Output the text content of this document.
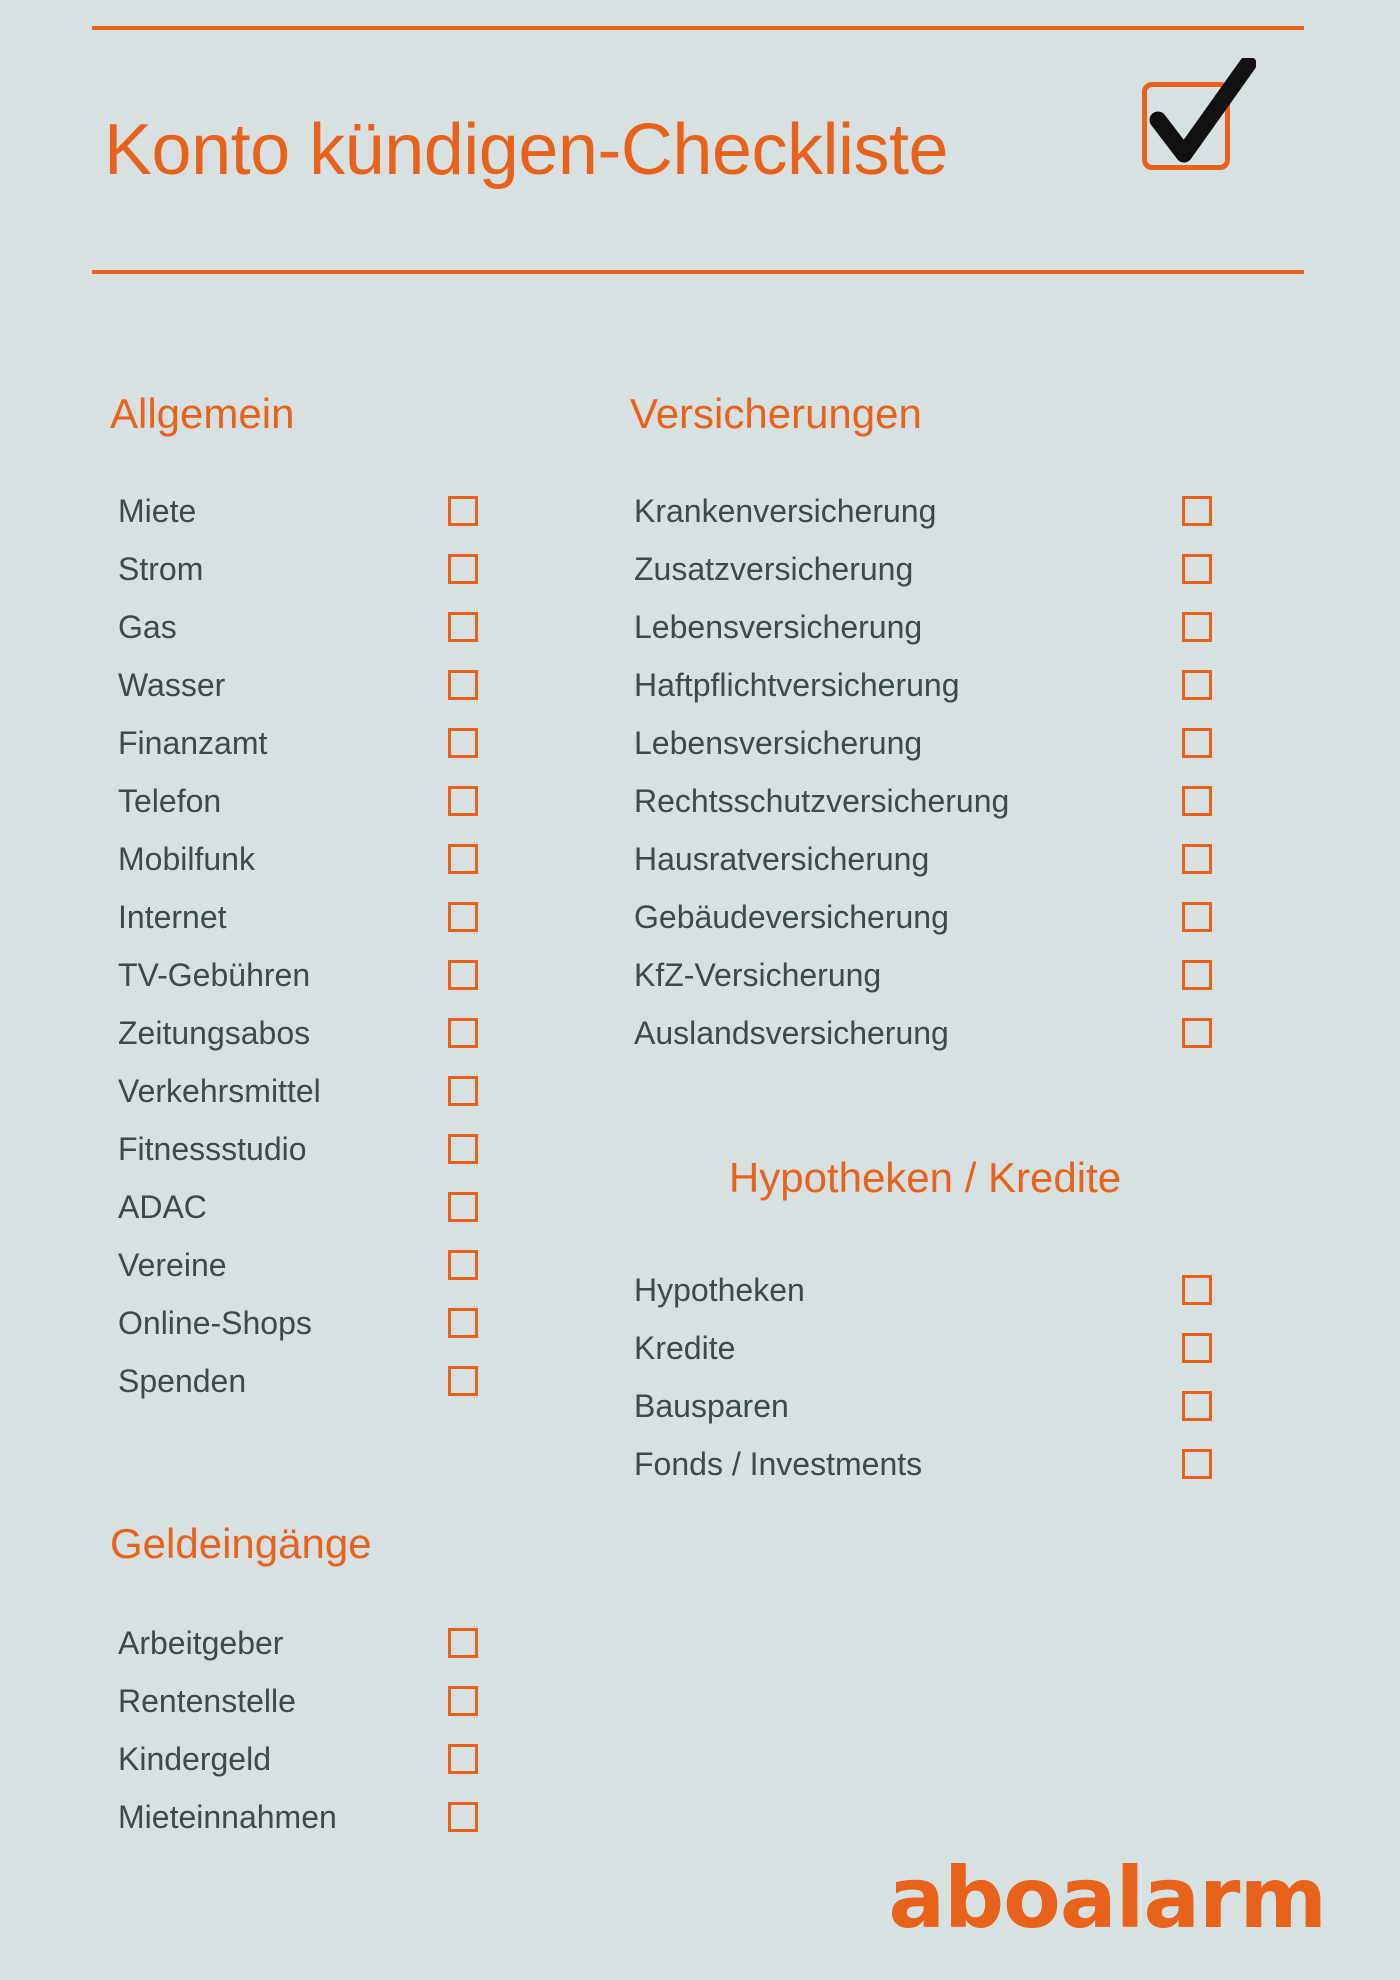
Konto kündigen-Checkliste
Allgemein
Miete
Strom
Gas
Wasser
Finanzamt
Telefon
Mobilfunk
Internet
TV-Gebühren
Zeitungsabos
Verkehrsmittel
Fitnessstudio
ADAC
Vereine
Online-Shops
Spenden
Geldeingänge
Arbeitgeber
Rentenstelle
Kindergeld
Mieteinnahmen
Versicherungen
Krankenversicherung
Zusatzversicherung
Lebensversicherung
Haftpflichtversicherung
Lebensversicherung
Rechtsschutzversicherung
Hausratversicherung
Gebäudeversicherung
KfZ-Versicherung
Auslandsversicherung
Hypotheken / Kredite
Hypotheken
Kredite
Bausparen
Fonds / Investments
aboalarm
